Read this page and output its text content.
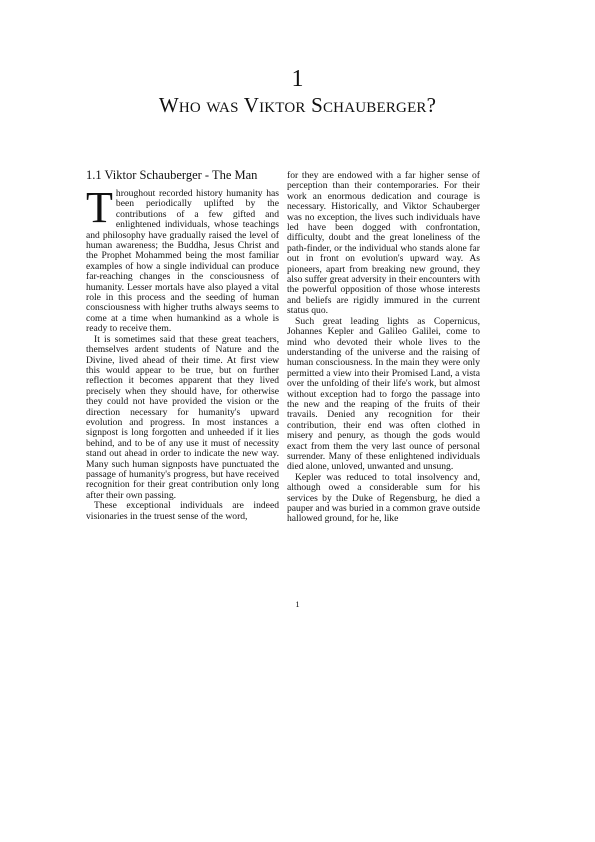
1
Who was Viktor Schauberger?
1.1 Viktor Schauberger - The Man

Throughout recorded history humanity has been periodically uplifted by the contributions of a few gifted and enlightened individuals, whose teachings and philosophy have gradually raised the level of human awareness; the Buddha, Jesus Christ and the Prophet Mohammed being the most familiar examples of how a single individual can produce far-reaching changes in the consciousness of humanity. Lesser mortals have also played a vital role in this process and the seeding of human consciousness with higher truths always seems to come at a time when humankind as a whole is ready to receive them.

It is sometimes said that these great teachers, themselves ardent students of Nature and the Divine, lived ahead of their time. At first view this would appear to be true, but on further reflection it becomes apparent that they lived precisely when they should have, for otherwise they could not have provided the vision or the direction necessary for humanity's upward evolution and progress. In most instances a signpost is long forgotten and unheeded if it lies behind, and to be of any use it must of necessity stand out ahead in order to indicate the new way. Many such human signposts have punctuated the passage of humanity's progress, but have received recognition for their great contribution only long after their own passing.

These exceptional individuals are indeed visionaries in the truest sense of the word,

for they are endowed with a far higher sense of perception than their contemporaries. For their work an enormous dedication and courage is necessary. Historically, and Viktor Schauberger was no exception, the lives such individuals have led have been dogged with confrontation, difficulty, doubt and the great loneliness of the path-finder, or the individual who stands alone far out in front on evolution's upward way. As pioneers, apart from breaking new ground, they also suffer great adversity in their encounters with the powerful opposition of those whose interests and beliefs are rigidly immured in the current status quo.

Such great leading lights as Copernicus, Johannes Kepler and Galileo Galilei, come to mind who devoted their whole lives to the understanding of the universe and the raising of human consciousness. In the main they were only permitted a view into their Promised Land, a vista over the unfolding of their life's work, but almost without exception had to forgo the passage into the new and the reaping of the fruits of their travails. Denied any recognition for their contribution, their end was often clothed in misery and penury, as though the gods would exact from them the very last ounce of personal surrender. Many of these enlightened individuals died alone, unloved, unwanted and unsung.

Kepler was reduced to total insolvency and, although owed a considerable sum for his services by the Duke of Regensburg, he died a pauper and was buried in a common grave outside hallowed ground, for he, like

1
